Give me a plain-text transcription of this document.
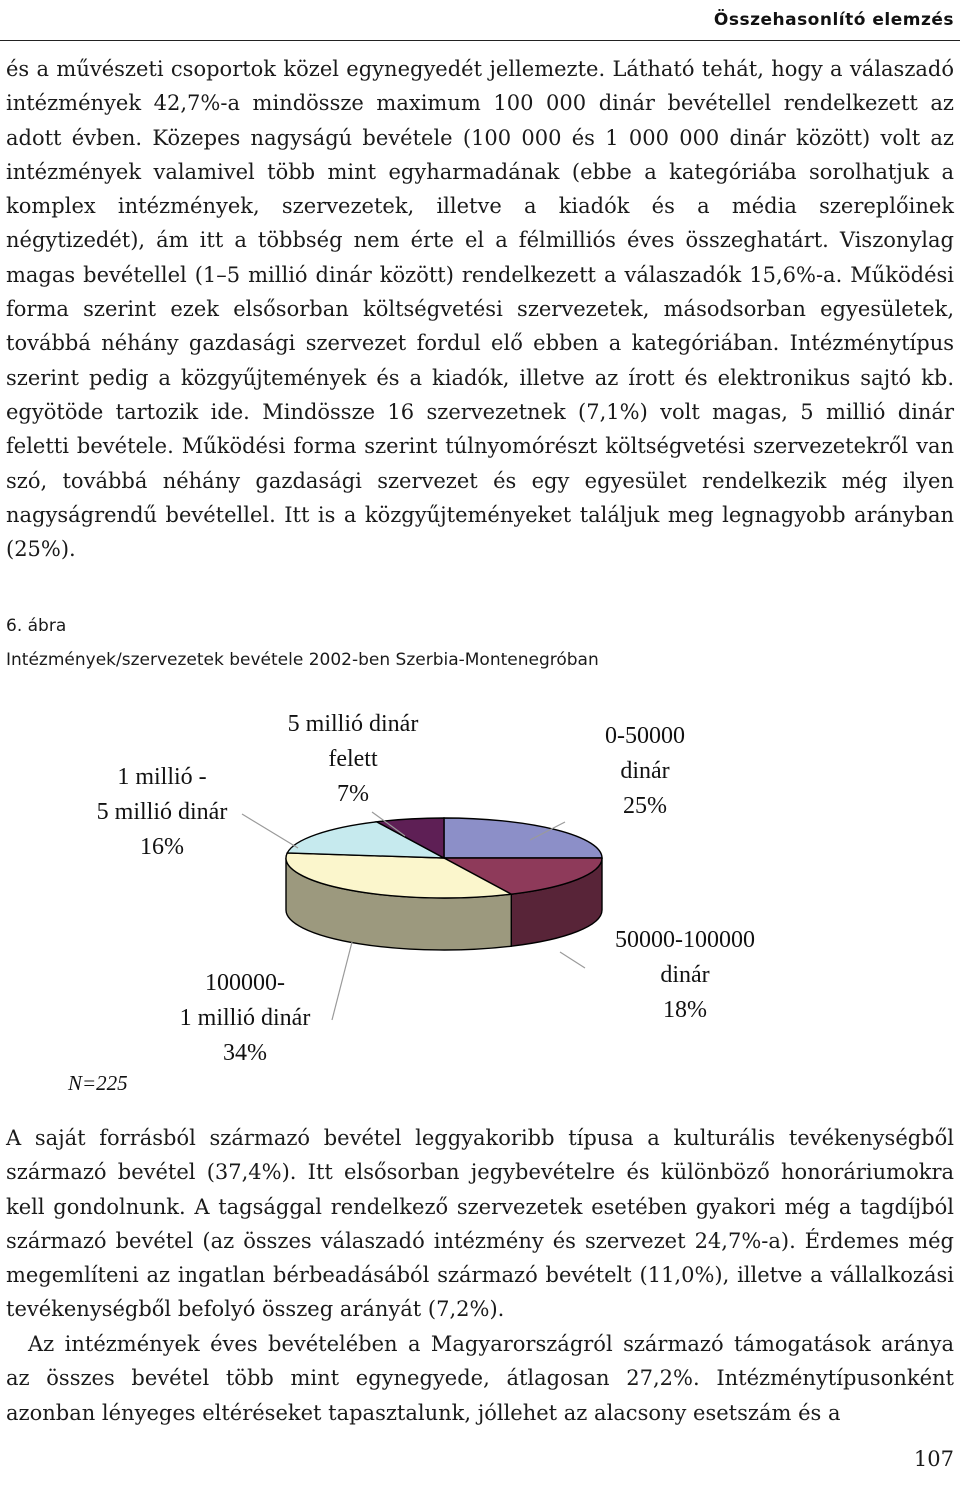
Összehasonlító elemzés

és a művészeti csoportok közel egynegyedét jellemezte. Látható tehát, hogy a válaszadó intézmények 42,7%-a mindössze maximum 100 000 dinár bevétellel rendelkezett az adott évben. Közepes nagyságú bevétele (100 000 és 1 000 000 dinár között) volt az intézmények valamivel több mint egyharmadának (ebbe a kategóriába sorolhatjuk a komplex intézmények, szervezetek, illetve a kiadók és a média szereplőinek négytizedét), ám itt a többség nem érte el a félmilliós éves összeghatárt. Viszonylag magas bevétellel (1–5 millió dinár között) rendelkezett a válaszadók 15,6%-a. Működési forma szerint ezek elsősorban költségvetési szervezetek, másodsorban egyesületek, továbbá néhány gazdasági szervezet fordul elő ebben a kategóriában. Intézménytípus szerint pedig a közgyűjtemények és a kiadók, illetve az írott és elektronikus sajtó kb. egyötöde tartozik ide. Mindössze 16 szervezetnek (7,1%) volt magas, 5 millió dinár feletti bevétele. Működési forma szerint túlnyomórészt költségvetési szervezetekről van szó, továbbá néhány gazdasági szervezet és egy egyesület rendelkezik még ilyen nagyságrendű bevétellel. Itt is a közgyűjteményeket találjuk meg legnagyobb arányban (25%).

6. ábra
Intézmények/szervezetek bevétele 2002-ben Szerbia-Montenegróban
0-50000
dinár
25%
50000-100000
dinár
18%
100000-
1 millió dinár
34%
1 millió -
5 millió dinár
16%
5 millió dinár
felett
7%
N=225

A saját forrásból származó bevétel leggyakoribb típusa a kulturális tevékenységből származó bevétel (37,4%). Itt elsősorban jegybevételre és különböző honoráriumokra kell gondolnunk. A tagsággal rendelkező szervezetek esetében gyakori még a tagdíjból származó bevétel (az összes válaszadó intézmény és szervezet 24,7%-a). Érdemes még megemlíteni az ingatlan bérbeadásából származó bevételt (11,0%), illetve a vállalkozási tevékenységből befolyó összeg arányát (7,2%).

Az intézmények éves bevételében a Magyarországról származó támogatások aránya az összes bevétel több mint egynegyede, átlagosan 27,2%. Intézménytípusonként azonban lényeges eltéréseket tapasztalunk, jóllehet az alacsony esetszám és a

107
